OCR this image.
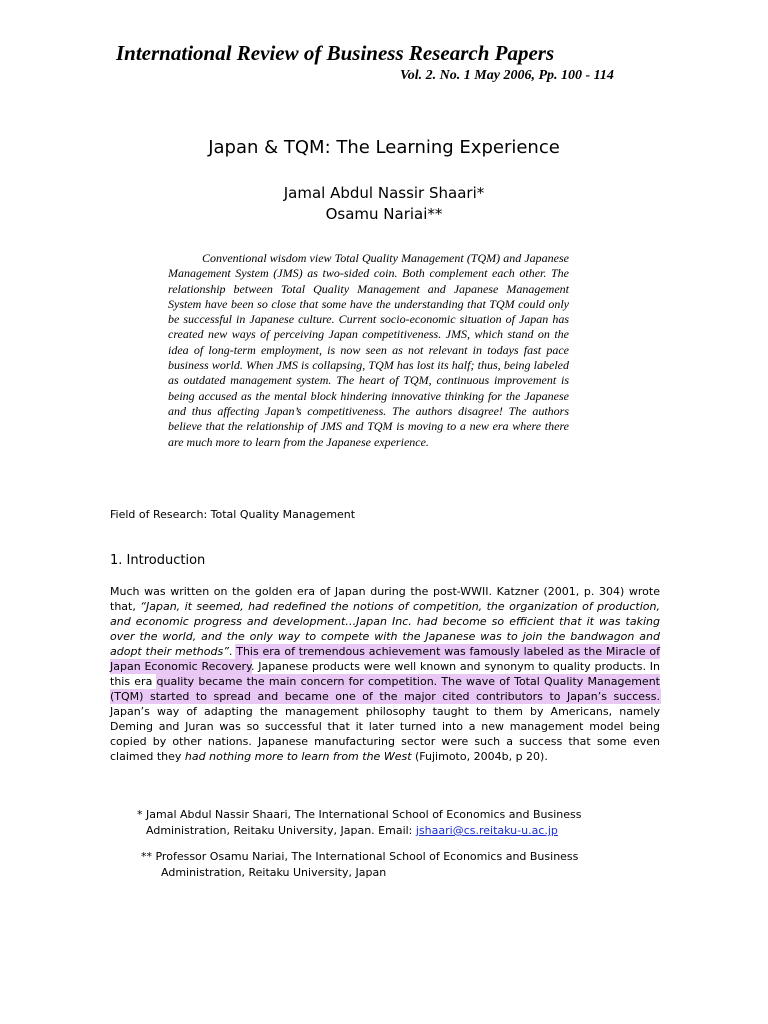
International Review of Business Research Papers
Vol. 2. No. 1 May 2006, Pp. 100 - 114
Japan & TQM: The Learning Experience
Jamal Abdul Nassir Shaari*
Osamu Nariai**

Conventional wisdom view Total Quality Management (TQM) and Japanese Management System (JMS) as two-sided coin. Both complement each other. The relationship between Total Quality Management and Japanese Management System have been so close that some have the understanding that TQM could only be successful in Japanese culture. Current socio-economic situation of Japan has created new ways of perceiving Japan competitiveness. JMS, which stand on the idea of long-term employment, is now seen as not relevant in todays fast pace business world. When JMS is collapsing, TQM has lost its half; thus, being labeled as outdated management system. The heart of TQM, continuous improvement is being accused as the mental block hindering innovative thinking for the Japanese and thus affecting Japan’s competitiveness. The authors disagree! The authors believe that the relationship of JMS and TQM is moving to a new era where there are much more to learn from the Japanese experience.

Field of Research: Total Quality Management
1. Introduction

Much was written on the golden era of Japan during the post-WWII. Katzner (2001, p. 304) wrote that, “Japan, it seemed, had redefined the notions of competition, the organization of production, and economic progress and development…Japan Inc. had become so efficient that it was taking over the world, and the only way to compete with the Japanese was to join the bandwagon and adopt their methods”. This era of tremendous achievement was famously labeled as the Miracle of Japan Economic Recovery. Japanese products were well known and synonym to quality products. In this era quality became the main concern for competition. The wave of Total Quality Management (TQM) started to spread and became one of the major cited contributors to Japan’s success. Japan’s way of adapting the management philosophy taught to them by Americans, namely Deming and Juran was so successful that it later turned into a new management model being copied by other nations. Japanese manufacturing sector were such a success that some even claimed they had nothing more to learn from the West (Fujimoto, 2004b, p 20).

* Jamal Abdul Nassir Shaari, The International School of Economics and Business
Administration, Reitaku University, Japan. Email: jshaari@cs.reitaku-u.ac.jp
** Professor Osamu Nariai, The International School of Economics and Business
Administration, Reitaku University, Japan
